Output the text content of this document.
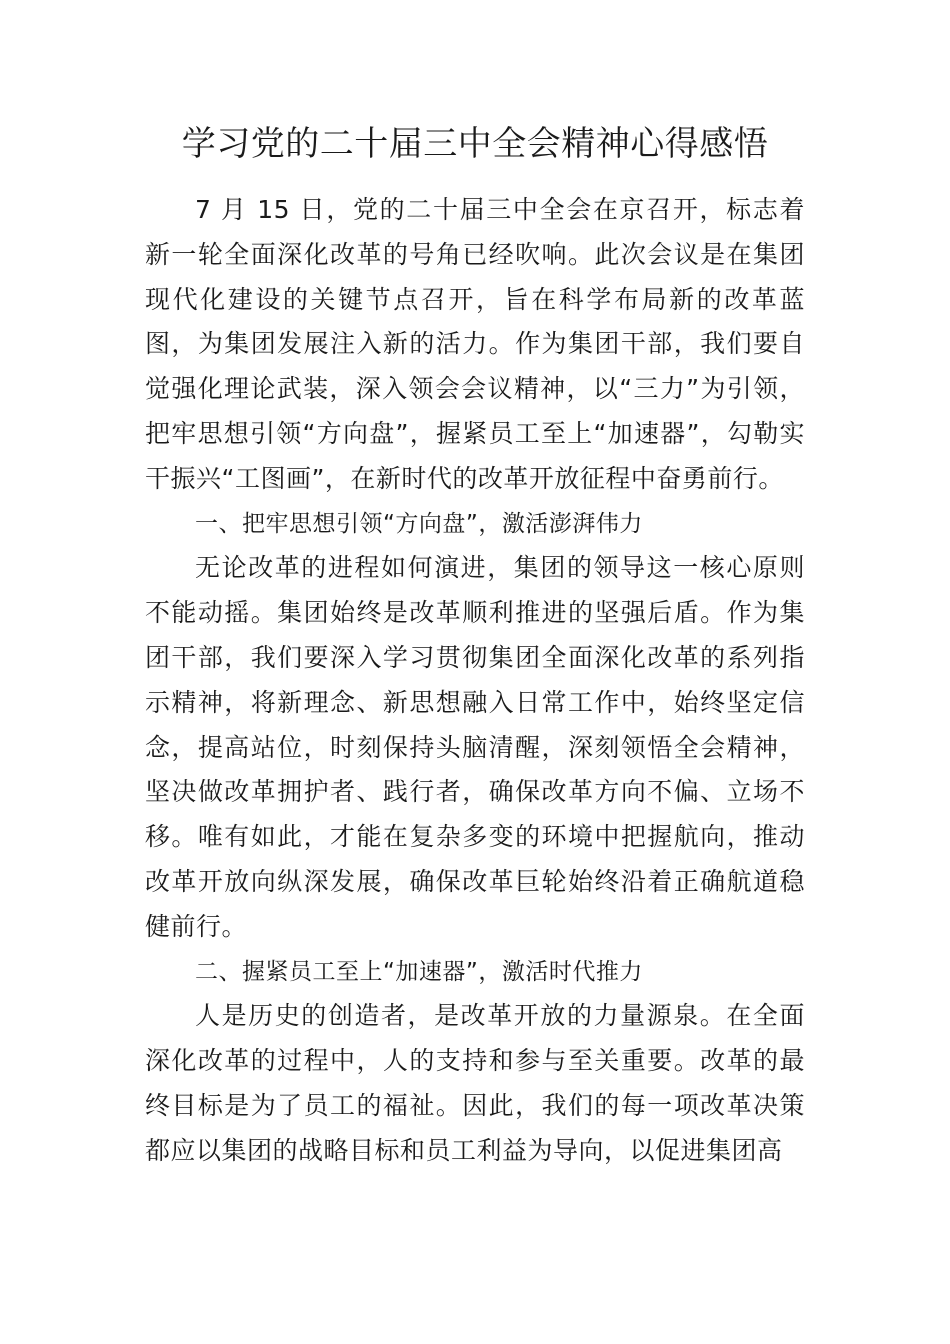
学习党的二十届三中全会精神心得感悟

7 月 15 日，党的二十届三中全会在京召开，标志着新一轮全面深化改革的号角已经吹响。此次会议是在集团现代化建设的关键节点召开，旨在科学布局新的改革蓝图，为集团发展注入新的活力。作为集团干部，我们要自觉强化理论武装，深入领会会议精神，以“三力”为引领，把牢思想引领“方向盘”，握紧员工至上“加速器”，勾勒实干振兴“工图画”，在新时代的改革开放征程中奋勇前行。

一、把牢思想引领“方向盘”，激活澎湃伟力

无论改革的进程如何演进，集团的领导这一核心原则不能动摇。集团始终是改革顺利推进的坚强后盾。作为集团干部，我们要深入学习贯彻集团全面深化改革的系列指示精神，将新理念、新思想融入日常工作中，始终坚定信念，提高站位，时刻保持头脑清醒，深刻领悟全会精神，坚决做改革拥护者、践行者，确保改革方向不偏、立场不移。唯有如此，才能在复杂多变的环境中把握航向，推动改革开放向纵深发展，确保改革巨轮始终沿着正确航道稳健前行。

二、握紧员工至上“加速器”，激活时代推力

人是历史的创造者，是改革开放的力量源泉。在全面深化改革的过程中，人的支持和参与至关重要。改革的最终目标是为了员工的福祉。因此，我们的每一项改革决策都应以集团的战略目标和员工利益为导向，以促进集团高
